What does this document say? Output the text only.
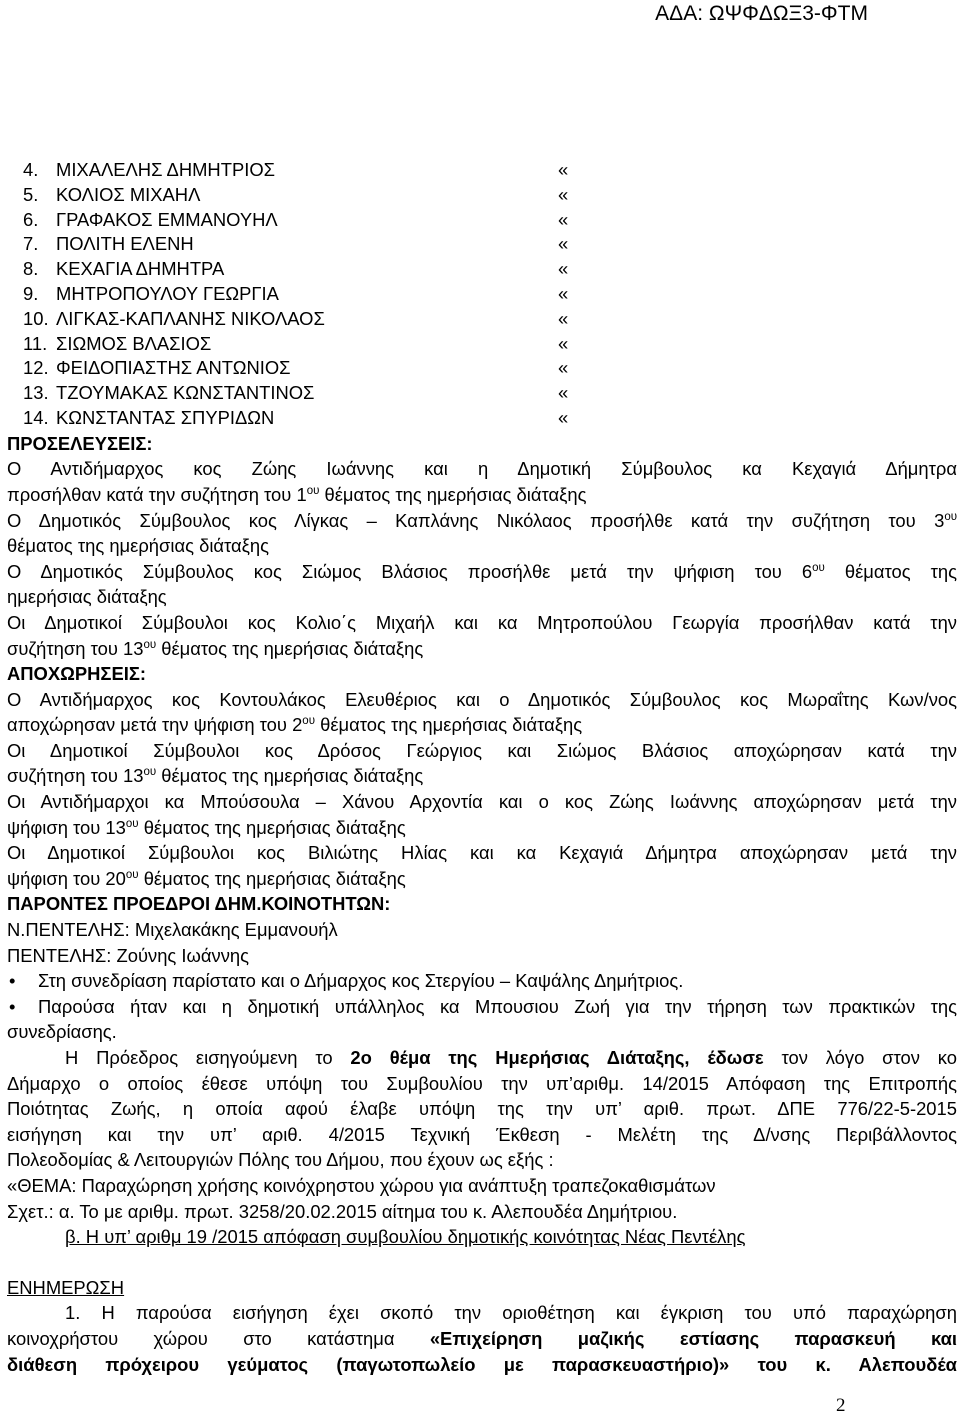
ΑΔΑ: ΩΨΦΔΩΞ3-ΦΤΜ
4. ΜΙΧΑΛΕΛΗΣ ΔΗΜΗΤΡΙΟΣ	«
5. ΚΟΛΙΟΣ ΜΙΧΑΗΛ	«
6. ΓΡΑΦΑΚΟΣ ΕΜΜΑΝΟΥΗΛ	«
7. ΠΟΛΙΤΗ ΕΛΕΝΗ	«
8. ΚΕΧΑΓΙΑ ΔΗΜΗΤΡΑ	«
9. ΜΗΤΡΟΠΟΥΛΟΥ ΓΕΩΡΓΙΑ	«
10. ΛΙΓΚΑΣ-ΚΑΠΛΑΝΗΣ ΝΙΚΟΛΑΟΣ	«
11. ΣΙΩΜΟΣ ΒΛΑΣΙΟΣ	«
12. ΦΕΙΔΟΠΙΑΣΤΗΣ ΑΝΤΩΝΙΟΣ	«
13. ΤΖΟΥΜΑΚΑΣ ΚΩΝΣΤΑΝΤΙΝΟΣ	«
14. ΚΩΝΣΤΑΝΤΑΣ ΣΠΥΡΙΔΩΝ	«
ΠΡΟΣΕΛΕΥΣΕΙΣ:
Ο Αντιδήμαρχος κος Ζώης Ιωάννης και η Δημοτική Σύμβουλος κα Κεχαγιά Δήμητρα
προσήλθαν κατά την συζήτηση του $1^{o\upsilon}$ θέματος της ημερήσιας διάταξης
Ο Δημοτικός Σύμβουλος κος Λίγκας – Καπλάνης Νικόλαος προσήλθε κατά την συζήτηση του $3^{o\upsilon}$
θέματος της ημερήσιας διάταξης
Ο Δημοτικός Σύμβουλος κος Σιώμος Βλάσιος προσήλθε μετά την ψήφιση του $6^{o\upsilon}$ θέματος της
ημερήσιας διάταξης
Οι Δημοτικοί Σύμβουλοι κος Κολιο΄ς Μιχαήλ και κα Μητροπούλου Γεωργία προσήλθαν κατά την
συζήτηση του $13^{o\upsilon}$ θέματος της ημερήσιας διάταξης
ΑΠΟΧΩΡΗΣΕΙΣ:
Ο Αντιδήμαρχος κος Κοντουλάκος Ελευθέριος και ο Δημοτικός Σύμβουλος κος Μωραΐτης Κων/νος
αποχώρησαν μετά την ψήφιση του $2^{o\upsilon}$ θέματος της ημερήσιας διάταξης
Οι Δημοτικοί Σύμβουλοι κος Δρόσος Γεώργιος και Σιώμος Βλάσιος αποχώρησαν κατά την
συζήτηση του $13^{o\upsilon}$ θέματος της ημερήσιας διάταξης
Οι Αντιδήμαρχοι κα Μπούσουλα – Χάνου Αρχοντία και ο κος Ζώης Ιωάννης αποχώρησαν μετά την
ψήφιση του $13^{o\upsilon}$ θέματος της ημερήσιας διάταξης
Οι Δημοτικοί Σύμβουλοι κος Βιλιώτης Ηλίας και κα Κεχαγιά Δήμητρα αποχώρησαν μετά την
ψήφιση του $20^{o\upsilon}$ θέματος της ημερήσιας διάταξης
ΠΑΡΟΝΤΕΣ ΠΡΟΕΔΡΟΙ ΔΗΜ.ΚΟΙΝΟΤΗΤΩΝ:
Ν.ΠΕΝΤΕΛΗΣ: Μιχελακάκης Εμμανουήλ
ΠΕΝΤΕΛΗΣ: Ζούνης Ιωάννης
• Στη συνεδρίαση παρίστατο και ο Δήμαρχος κος Στεργίου – Καψάλης Δημήτριος.
• Παρούσα ήταν και η δημοτική υπάλληλος κα Μπουσιου Ζωή για την τήρηση των πρακτικών της
συνεδρίασης.
Η Πρόεδρος εισηγούμενη το 2ο θέμα της Ημερήσιας Διάταξης, έδωσε τον λόγο στον κο
Δήμαρχο ο οποίος έθεσε υπόψη του Συμβουλίου την υπ’αριθμ. 14/2015 Απόφαση της Επιτροπής
Ποιότητας Ζωής, η οποία αφού έλαβε υπόψη της την υπ’ αριθ. πρωτ. ΔΠΕ 776/22-5-2015
εισήγηση και την υπ’ αριθ. 4/2015 Τεχνική Έκθεση - Μελέτη της Δ/νσης Περιβάλλοντος
Πολεοδομίας & Λειτουργιών Πόλης του Δήμου, που έχουν ως εξής :
«ΘΕΜΑ: Παραχώρηση χρήσης κοινόχρηστου χώρου για ανάπτυξη τραπεζοκαθισμάτων
Σχετ.: α. Το με αριθμ. πρωτ. 3258/20.02.2015 αίτημα του κ. Αλεπουδέα Δημήτριου.
β. Η υπ’ αριθμ 19 /2015 απόφαση συμβουλίου δημοτικής κοινότητας Νέας Πεντέλης
ΕΝΗΜΕΡΩΣΗ
1. Η παρούσα εισήγηση έχει σκοπό την οριοθέτηση και έγκριση του υπό παραχώρηση
κοινοχρήστου χώρου στο κατάστημα «Επιχείρηση μαζικής εστίασης παρασκευή και
διάθεση πρόχειρου γεύματος (παγωτοπωλείο με παρασκευαστήριο)» του κ. Αλεπουδέα
2
